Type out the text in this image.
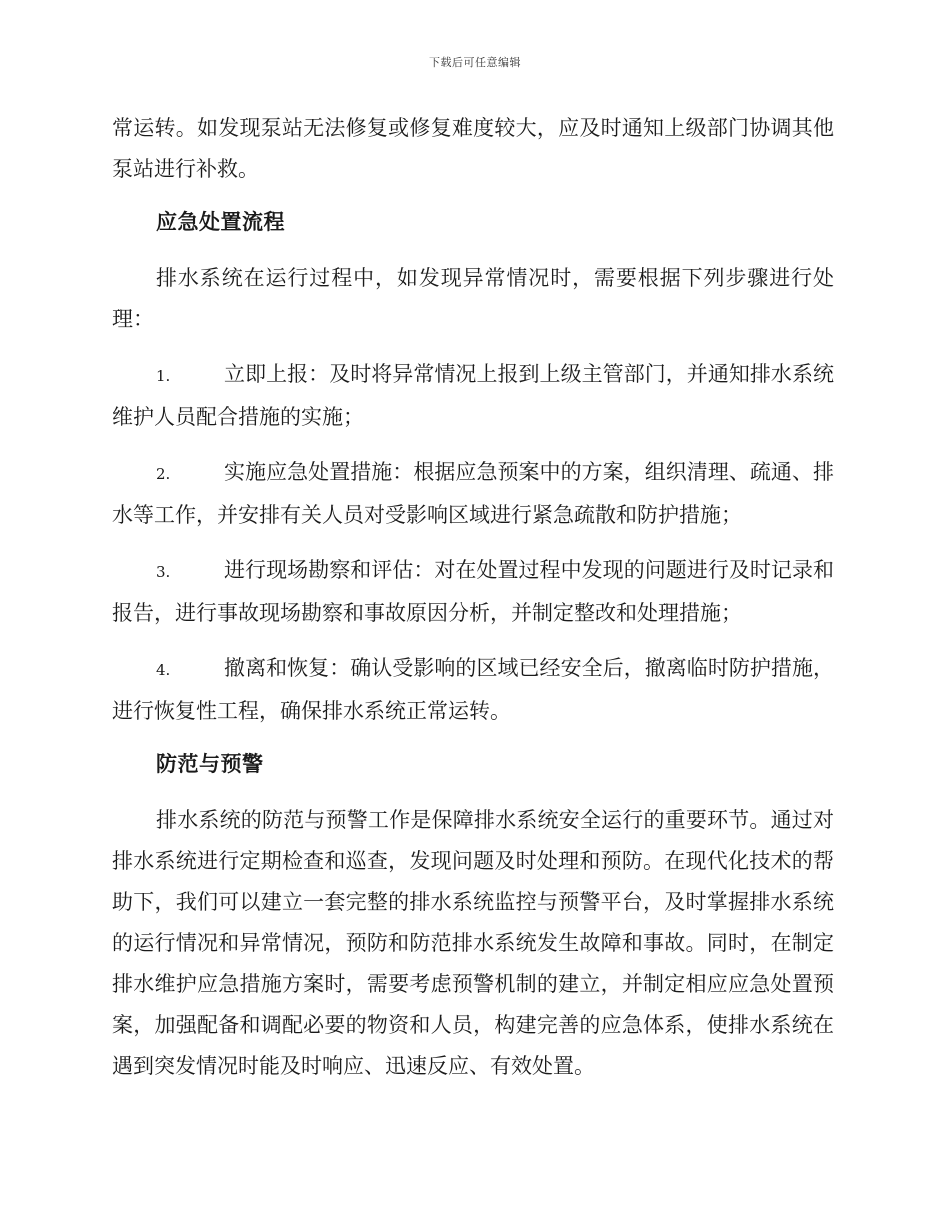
下载后可任意编辑

常运转。如发现泵站无法修复或修复难度较大，应及时通知上级部门协调其他泵站进行补救。

应急处置流程

排水系统在运行过程中，如发现异常情况时，需要根据下列步骤进行处理：

1.	立即上报：及时将异常情况上报到上级主管部门，并通知排水系统维护人员配合措施的实施；
2.	实施应急处置措施：根据应急预案中的方案，组织清理、疏通、排水等工作，并安排有关人员对受影响区域进行紧急疏散和防护措施；
3.	进行现场勘察和评估：对在处置过程中发现的问题进行及时记录和报告，进行事故现场勘察和事故原因分析，并制定整改和处理措施；
4.	撤离和恢复：确认受影响的区域已经安全后，撤离临时防护措施，进行恢复性工程，确保排水系统正常运转。
防范与预警

排水系统的防范与预警工作是保障排水系统安全运行的重要环节。通过对排水系统进行定期检查和巡查，发现问题及时处理和预防。在现代化技术的帮助下，我们可以建立一套完整的排水系统监控与预警平台，及时掌握排水系统的运行情况和异常情况，预防和防范排水系统发生故障和事故。同时，在制定排水维护应急措施方案时，需要考虑预警机制的建立，并制定相应应急处置预案，加强配备和调配必要的物资和人员，构建完善的应急体系，使排水系统在遇到突发情况时能及时响应、迅速反应、有效处置。
